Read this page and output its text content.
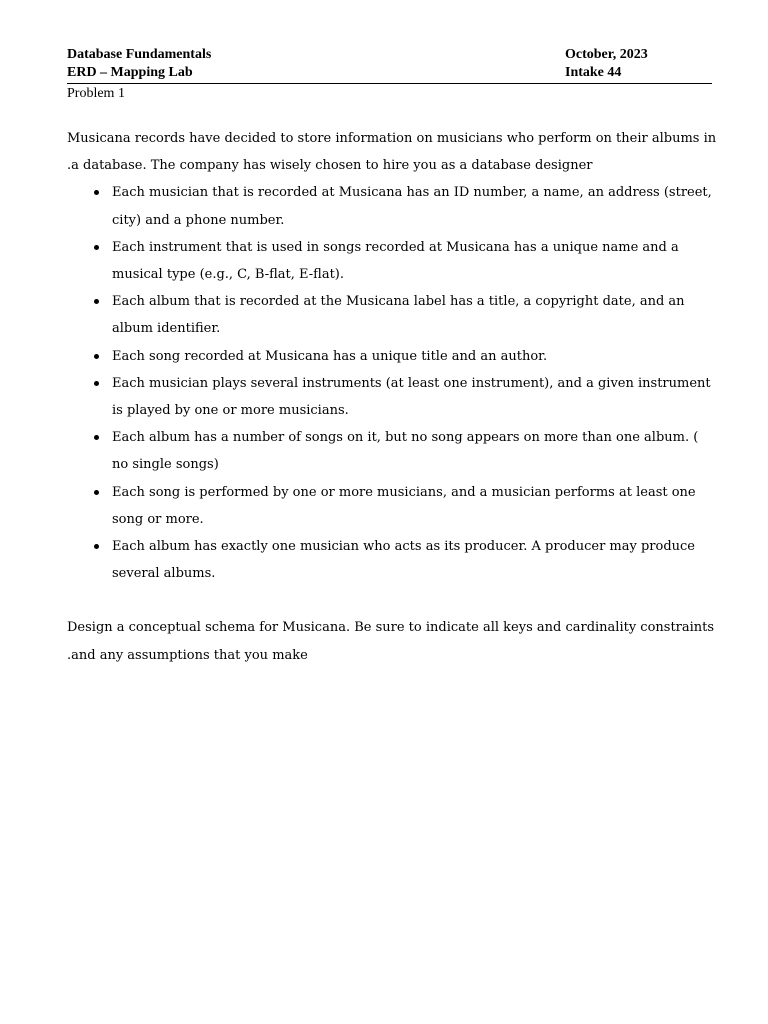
Database Fundamentals	October, 2023
ERD – Mapping Lab	Intake 44
Problem 1

Musicana records have decided to store information on musicians who perform on their albums in
.a database. The company has wisely chosen to hire you as a database designer

Each musician that is recorded at Musicana has an ID number, a name, an address (street, city) and a phone number.
Each instrument that is used in songs recorded at Musicana has a unique name and a musical type (e.g., C, B-flat, E-flat).
Each album that is recorded at the Musicana label has a title, a copyright date, and an album identifier.
Each song recorded at Musicana has a unique title and an author.
Each musician plays several instruments (at least one instrument), and a given instrument is played by one or more musicians.
Each album has a number of songs on it, but no song appears on more than one album. ( no single songs)
Each song is performed by one or more musicians, and a musician performs at least one song or more.
Each album has exactly one musician who acts as its producer. A producer may produce several albums.

Design a conceptual schema for Musicana. Be sure to indicate all keys and cardinality constraints
.and any assumptions that you make
